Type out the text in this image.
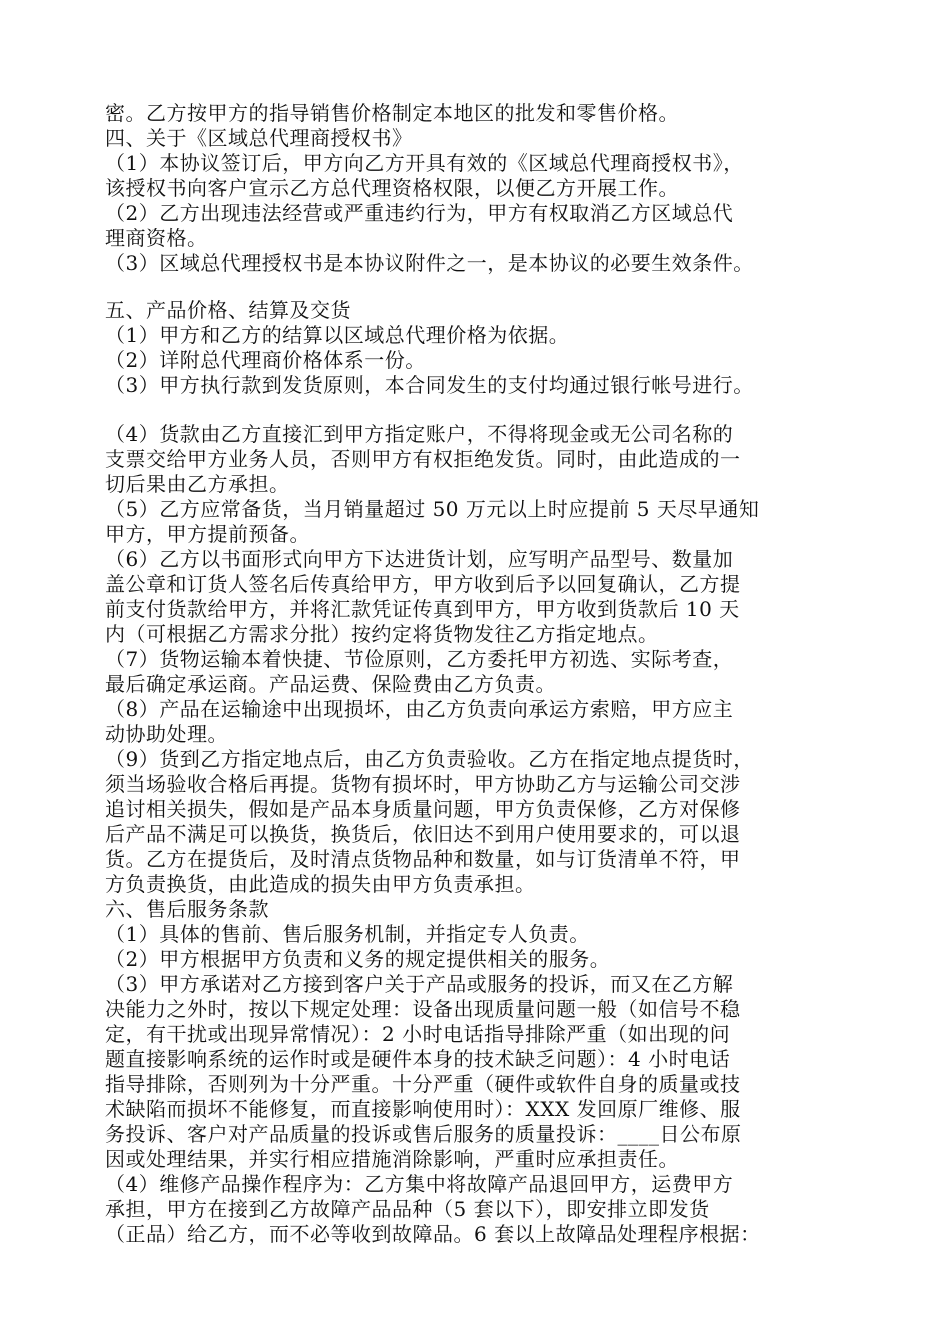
密。乙方按甲方的指导销售价格制定本地区的批发和零售价格。
四、关于《区域总代理商授权书》
（1）本协议签订后，甲方向乙方开具有效的《区域总代理商授权书》，
该授权书向客户宣示乙方总代理资格权限，以便乙方开展工作。
（2）乙方出现违法经营或严重违约行为，甲方有权取消乙方区域总代
理商资格。
（3）区域总代理授权书是本协议附件之一，是本协议的必要生效条件。
五、产品价格、结算及交货
（1）甲方和乙方的结算以区域总代理价格为依据。
（2）详附总代理商价格体系一份。
（3）甲方执行款到发货原则，本合同发生的支付均通过银行帐号进行。
（4）货款由乙方直接汇到甲方指定账户，不得将现金或无公司名称的
支票交给甲方业务人员，否则甲方有权拒绝发货。同时，由此造成的一
切后果由乙方承担。
（5）乙方应常备货，当月销量超过 50 万元以上时应提前 5 天尽早通知
甲方，甲方提前预备。
（6）乙方以书面形式向甲方下达进货计划，应写明产品型号、数量加
盖公章和订货人签名后传真给甲方，甲方收到后予以回复确认，乙方提
前支付货款给甲方，并将汇款凭证传真到甲方，甲方收到货款后 10 天
内（可根据乙方需求分批）按约定将货物发往乙方指定地点。
（7）货物运输本着快捷、节俭原则，乙方委托甲方初选、实际考查，
最后确定承运商。产品运费、保险费由乙方负责。
（8）产品在运输途中出现损坏，由乙方负责向承运方索赔，甲方应主
动协助处理。
（9）货到乙方指定地点后，由乙方负责验收。乙方在指定地点提货时，
须当场验收合格后再提。货物有损坏时，甲方协助乙方与运输公司交涉
追讨相关损失，假如是产品本身质量问题，甲方负责保修，乙方对保修
后产品不满足可以换货，换货后，依旧达不到用户使用要求的，可以退
货。乙方在提货后，及时清点货物品种和数量，如与订货清单不符，甲
方负责换货，由此造成的损失由甲方负责承担。
六、售后服务条款
（1）具体的售前、售后服务机制，并指定专人负责。
（2）甲方根据甲方负责和义务的规定提供相关的服务。
（3）甲方承诺对乙方接到客户关于产品或服务的投诉，而又在乙方解
决能力之外时，按以下规定处理：设备出现质量问题一般（如信号不稳
定，有干扰或出现异常情况）：2 小时电话指导排除严重（如出现的问
题直接影响系统的运作时或是硬件本身的技术缺乏问题）：4 小时电话
指导排除，否则列为十分严重。十分严重（硬件或软件自身的质量或技
术缺陷而损坏不能修复，而直接影响使用时）：XXX 发回原厂维修、服
务投诉、客户对产品质量的投诉或售后服务的质量投诉：____日公布原
因或处理结果，并实行相应措施消除影响，严重时应承担责任。
（4）维修产品操作程序为：乙方集中将故障产品退回甲方，运费甲方
承担，甲方在接到乙方故障产品品种（5 套以下），即安排立即发货
（正品）给乙方，而不必等收到故障品。6 套以上故障品处理程序根据：
